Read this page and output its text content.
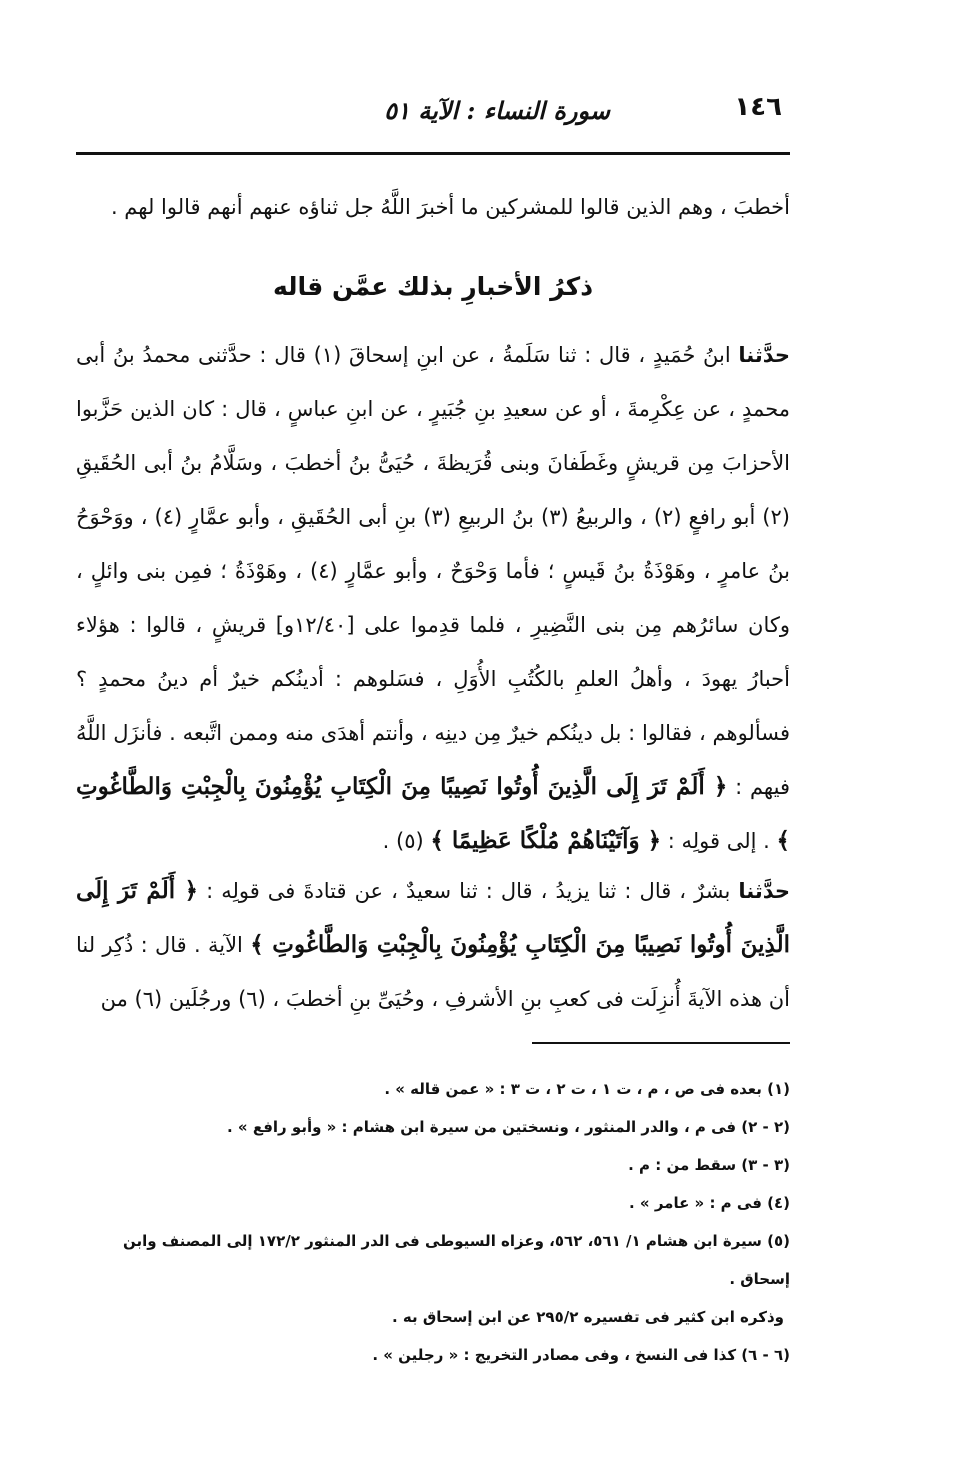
١٤٦
سورة النساء : الآية ٥١
أخطبَ ، وهم الذين قالوا للمشركين ما أخبرَ اللَّهُ جل ثناؤه عنهم أنهم قالوا لهم .
ذكرُ الأخبارِ بذلك عمَّن قاله
حدَّثنا ابنُ حُمَيدٍ ، قال : ثنا سَلَمةُ ، عن ابنِ إسحاقَ (١) قال : حدَّثنى محمدُ بنُ أبى محمدٍ ، عن عِكْرِمةَ ، أو عن سعيدِ بنِ جُبَيرٍ ، عن ابنِ عباسٍ ، قال : كان الذين حَزَّبوا الأحزابَ مِن قريشٍ وغَطَفانَ وبنى قُرَيظةَ ، حُيَىُّ بنُ أخطبَ ، وسَلَّامُ بنُ أبى الحُقَيقِ (٢) أبو رافعٍ (٢) ، والربيعُ (٣) بنُ الربيعِ (٣) بنِ أبى الحُقَيقِ ، وأبو عمَّارٍ (٤) ، ووَحْوَحُ بنُ عامرٍ ، وهَوْذَةُ بنُ قَيسٍ ؛ فأما وَحْوَحٌ ، وأبو عمَّارٍ (٤) ، وهَوْذَةُ ؛ فمِن بنى وائلٍ ، وكان سائرُهم مِن بنى النَّضِيرِ ، فلما قدِموا على [١٢/٤٠و] قريشٍ ، قالوا : هؤلاء أحبارُ يهودَ ، وأهلُ العلمِ بالكُتُبِ الأُوَلِ ، فسَلوهم : أدينُكم خيرٌ أم دينُ محمدٍ ؟ فسألوهم ، فقالوا : بل دينُكم خيرٌ مِن دينِه ، وأنتم أهدَى منه وممن اتَّبعه . فأنزَل اللَّهُ فيهم : ﴿ أَلَمْ تَرَ إِلَى الَّذِينَ أُوتُوا نَصِيبًا مِنَ الْكِتَابِ يُؤْمِنُونَ بِالْجِبْتِ وَالطَّاغُوتِ ﴾ . إلى قولِه : ﴿ وَآتَيْنَاهُمْ مُلْكًا عَظِيمًا ﴾ (٥) .
حدَّثنا بشرٌ ، قال : ثنا يزيدُ ، قال : ثنا سعيدٌ ، عن قتادةَ فى قولِه : ﴿ أَلَمْ تَرَ إِلَى الَّذِينَ أُوتُوا نَصِيبًا مِنَ الْكِتَابِ يُؤْمِنُونَ بِالْجِبْتِ وَالطَّاغُوتِ ﴾ الآية . قال : ذُكِر لنا أن هذه الآيةَ أُنزِلَت فى كعبِ بنِ الأشرفِ ، وحُيَىِّ بنِ أخطبَ ، (٦) ورجُلَين (٦) من
(١) بعده فى ص ، م ، ت ١ ، ت ٢ ، ت ٣ : « عمن قاله » .
(٢ - ٢) فى م ، والدر المنثور ، ونسختين من سيرة ابن هشام : « وأبو رافع » .
(٣ - ٣) سقط من : م .
(٤) فى م : « عامر » .
(٥) سيرة ابن هشام ١/ ٥٦١، ٥٦٢، وعزاه السيوطى فى الدر المنثور ١٧٢/٢ إلى المصنف وابن إسحاق .
وذكره ابن كثير فى تفسيره ٢٩٥/٢ عن ابن إسحاق به .
(٦ - ٦) كذا فى النسخ ، وفى مصادر التخريج : « رجلين » .
